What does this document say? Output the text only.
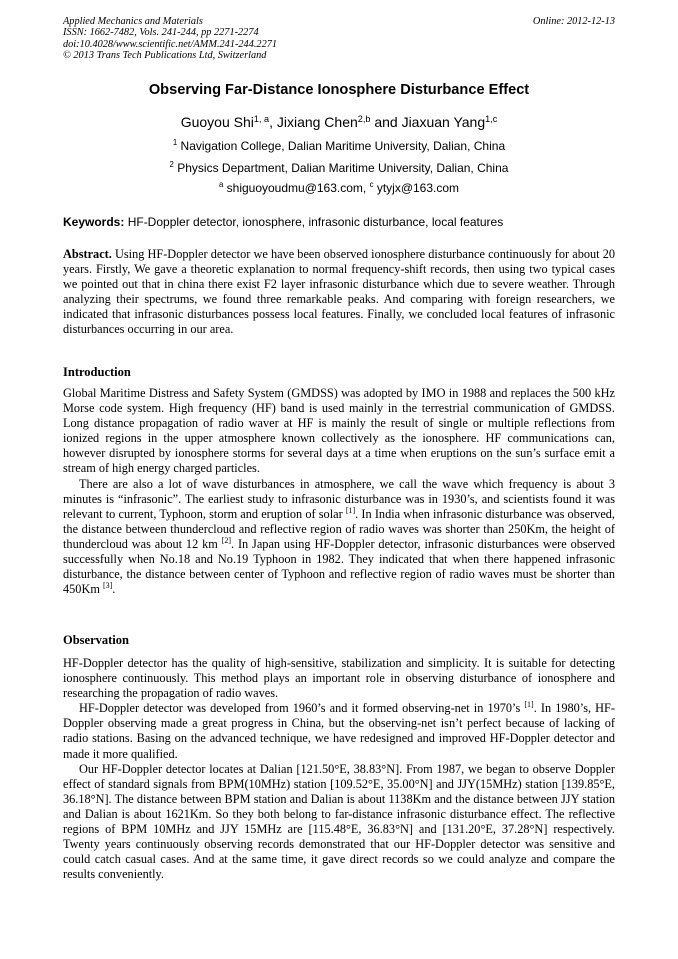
Applied Mechanics and Materials	Online: 2012-12-13
ISSN: 1662-7482, Vols. 241-244, pp 2271-2274
doi:10.4028/www.scientific.net/AMM.241-244.2271
© 2013 Trans Tech Publications Ltd, Switzerland
Observing Far-Distance Ionosphere Disturbance Effect
Guoyou Shi$^{1, a}$, Jixiang Chen$^{2,b}$ and Jiaxuan Yang$^{1,c}$
$^1$ Navigation College, Dalian Maritime University, Dalian, China
$^2$ Physics Department, Dalian Maritime University, Dalian, China
$^a$ shiguoyoudmu@163.com, $^c$ ytyjx@163.com
Keywords: HF-Doppler detector, ionosphere, infrasonic disturbance, local features

Abstract. Using HF-Doppler detector we have been observed ionosphere disturbance continuously for about 20 years. Firstly, We gave a theoretic explanation to normal frequency-shift records, then using two typical cases we pointed out that in china there exist F2 layer infrasonic disturbance which due to severe weather. Through analyzing their spectrums, we found three remarkable peaks. And comparing with foreign researchers, we indicated that infrasonic disturbances possess local features. Finally, we concluded local features of infrasonic disturbances occurring in our area.

Introduction

Global Maritime Distress and Safety System (GMDSS) was adopted by IMO in 1988 and replaces the 500 kHz Morse code system. High frequency (HF) band is used mainly in the terrestrial communication of GMDSS. Long distance propagation of radio waver at HF is mainly the result of single or multiple reflections from ionized regions in the upper atmosphere known collectively as the ionosphere. HF communications can, however disrupted by ionosphere storms for several days at a time when eruptions on the sun’s surface emit a stream of high energy charged particles.

There are also a lot of wave disturbances in atmosphere, we call the wave which frequency is about 3 minutes is “infrasonic”. The earliest study to infrasonic disturbance was in 1930’s, and scientists found it was relevant to current, Typhoon, storm and eruption of solar [1]. In India when infrasonic disturbance was observed, the distance between thundercloud and reflective region of radio waves was shorter than 250Km, the height of thundercloud was about 12 km [2]. In Japan using HF-Doppler detector, infrasonic disturbances were observed successfully when No.18 and No.19 Typhoon in 1982. They indicated that when there happened infrasonic disturbance, the distance between center of Typhoon and reflective region of radio waves must be shorter than 450Km [3].

Observation

HF-Doppler detector has the quality of high-sensitive, stabilization and simplicity. It is suitable for detecting ionosphere continuously. This method plays an important role in observing disturbance of ionosphere and researching the propagation of radio waves.

HF-Doppler detector was developed from 1960’s and it formed observing-net in 1970’s [1]. In 1980’s, HF-Doppler observing made a great progress in China, but the observing-net isn’t perfect because of lacking of radio stations. Basing on the advanced technique, we have redesigned and improved HF-Doppler detector and made it more qualified.

Our HF-Doppler detector locates at Dalian [121.50°E, 38.83°N]. From 1987, we began to observe Doppler effect of standard signals from BPM(10MHz) station [109.52°E, 35.00°N] and JJY(15MHz) station [139.85°E, 36.18°N]. The distance between BPM station and Dalian is about 1138Km and the distance between JJY station and Dalian is about 1621Km. So they both belong to far-distance infrasonic disturbance effect. The reflective regions of BPM 10MHz and JJY 15MHz are [115.48°E, 36.83°N] and [131.20°E, 37.28°N] respectively. Twenty years continuously observing records demonstrated that our HF-Doppler detector was sensitive and could catch casual cases. And at the same time, it gave direct records so we could analyze and compare the results conveniently.
